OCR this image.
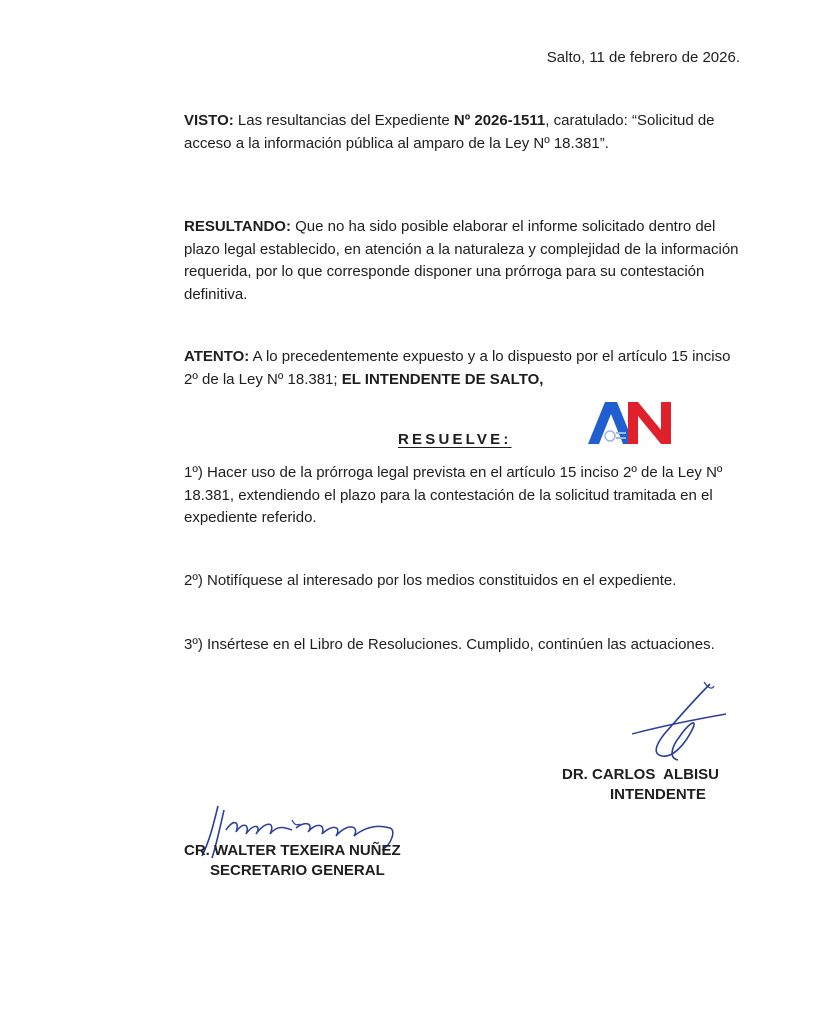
Salto, 11 de febrero de 2026.
VISTO: Las resultancias del Expediente Nº 2026-1511, caratulado: “Solicitud de acceso a la información pública al amparo de la Ley Nº 18.381”.
RESULTANDO: Que no ha sido posible elaborar el informe solicitado dentro del plazo legal establecido, en atención a la naturaleza y complejidad de la información requerida, por lo que corresponde disponer una prórroga para su contestación definitiva.
ATENTO: A lo precedentemente expuesto y a lo dispuesto por el artículo 15 inciso 2º de la Ley Nº 18.381; EL INTENDENTE DE SALTO,
RESUELVE:
AN
1º) Hacer uso de la prórroga legal prevista en el artículo 15 inciso 2º de la Ley Nº 18.381, extendiendo el plazo para la contestación de la solicitud tramitada en el expediente referido.
2º) Notifíquese al interesado por los medios constituidos en el expediente.
3º) Insértese en el Libro de Resoluciones. Cumplido, continúen las actuaciones.
DR. CARLOS  ALBISU
INTENDENTE
CR. WALTER TEXEIRA NUÑEZ
SECRETARIO GENERAL
